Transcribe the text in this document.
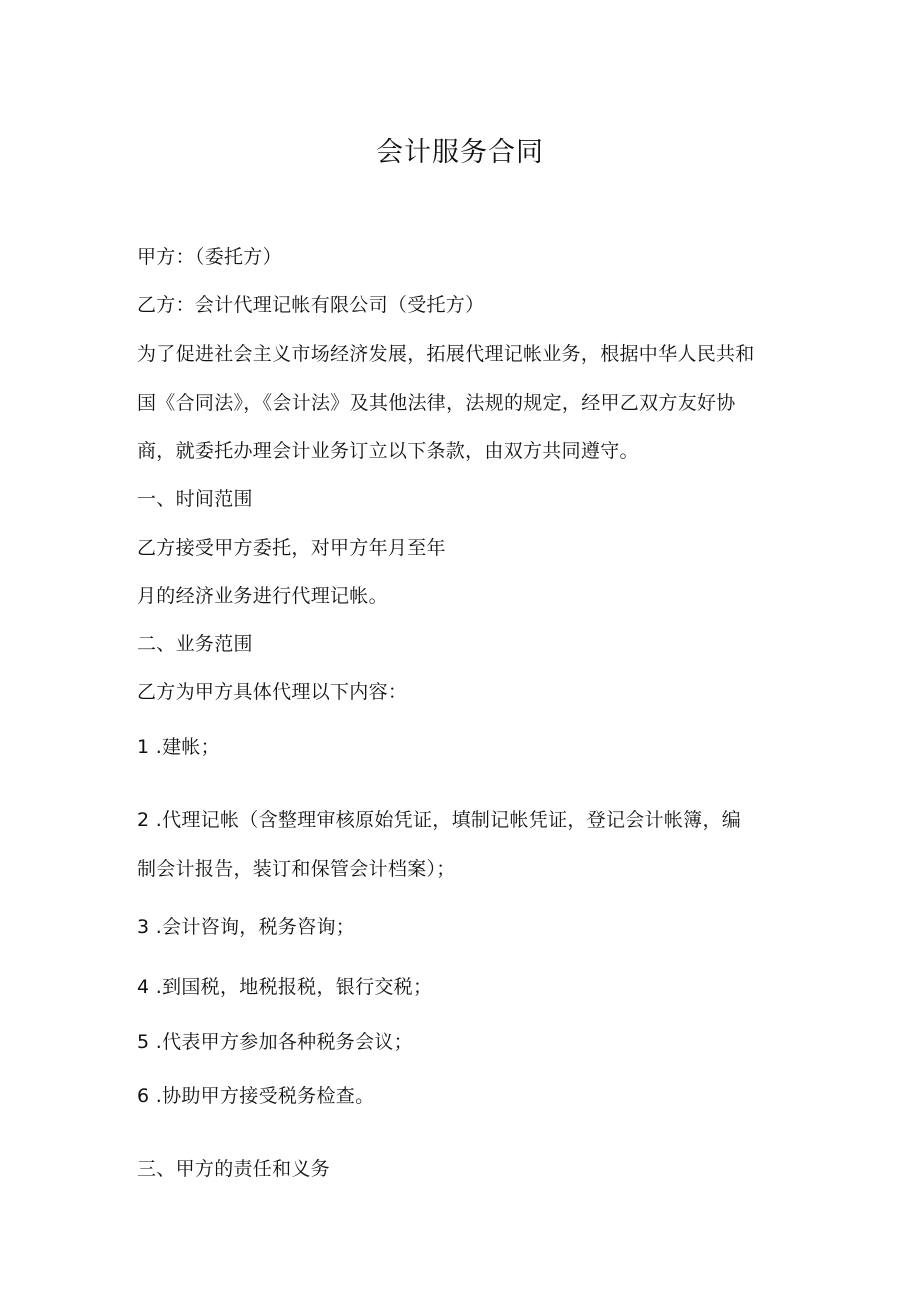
会计服务合同
甲方：（委托方）
乙方：会计代理记帐有限公司（受托方）
为了促进社会主义市场经济发展，拓展代理记帐业务，根据中华人民共和
国《合同法》，《会计法》及其他法律，法规的规定，经甲乙双方友好协
商，就委托办理会计业务订立以下条款，由双方共同遵守。
一、时间范围
乙方接受甲方委托，对甲方年月至年
月的经济业务进行代理记帐。
二、业务范围
乙方为甲方具体代理以下内容：
1 .建帐；
2 .代理记帐（含整理审核原始凭证，填制记帐凭证，登记会计帐簿，编
制会计报告，装订和保管会计档案）；
3 .会计咨询，税务咨询；
4 .到国税，地税报税，银行交税；
5 .代表甲方参加各种税务会议；
6 .协助甲方接受税务检查。
三、甲方的责任和义务
